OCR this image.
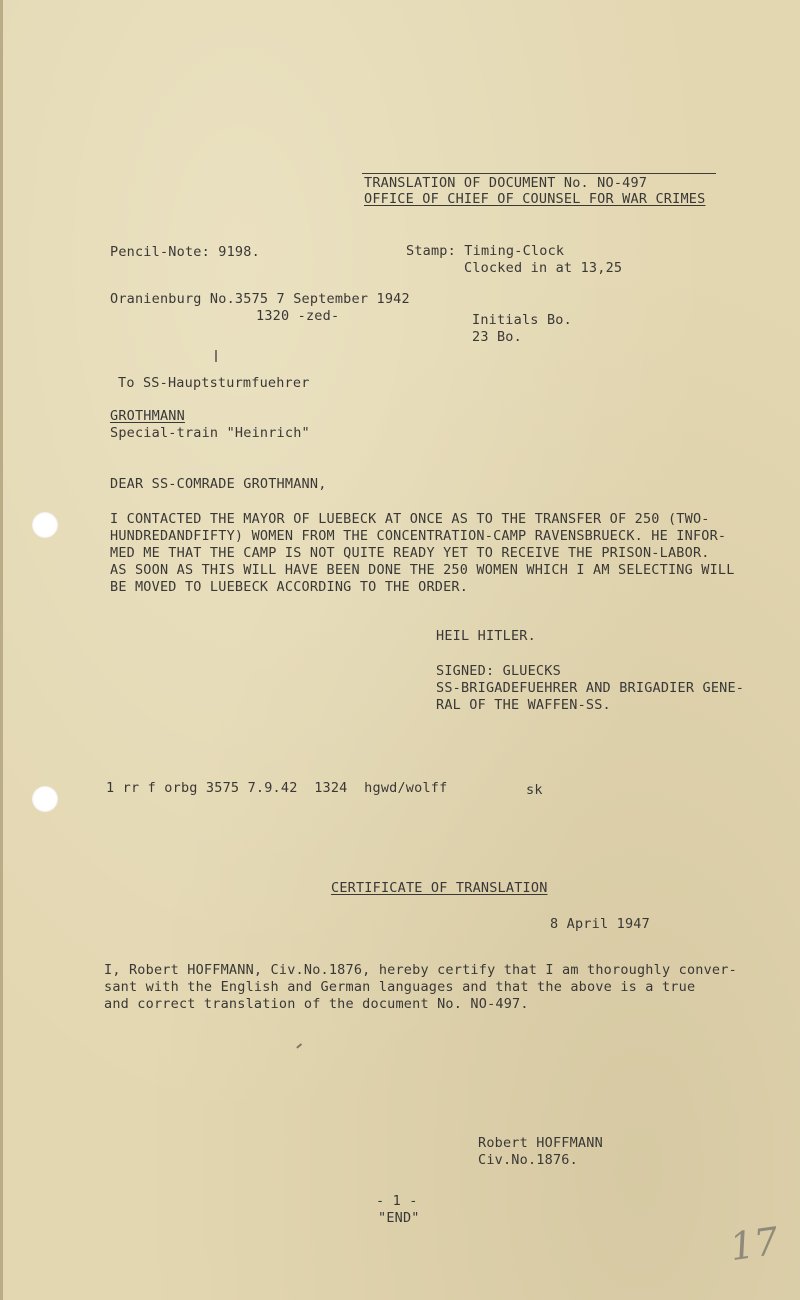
TRANSLATION OF DOCUMENT No. NO-497
OFFICE OF CHIEF OF COUNSEL FOR WAR CRIMES
Pencil-Note: 9198.	Stamp: Timing-Clock
Clocked in at 13,25
Oranienburg No.3575 7 September 1942
1320 -zed-	Initials Bo.
23 Bo.
To SS-Hauptsturmfuehrer
GROTHMANN
Special-train "Heinrich"
DEAR SS-COMRADE GROTHMANN,
I CONTACTED THE MAYOR OF LUEBECK AT ONCE AS TO THE TRANSFER OF 250 (TWO-
HUNDREDANDFIFTY) WOMEN FROM THE CONCENTRATION-CAMP RAVENSBRUECK. HE INFOR-
MED ME THAT THE CAMP IS NOT QUITE READY YET TO RECEIVE THE PRISON-LABOR.
AS SOON AS THIS WILL HAVE BEEN DONE THE 250 WOMEN WHICH I AM SELECTING WILL
BE MOVED TO LUEBECK ACCORDING TO THE ORDER.
HEIL HITLER.
SIGNED: GLUECKS
SS-BRIGADEFUEHRER AND BRIGADIER GENE-
RAL OF THE WAFFEN-SS.
1 rr f orbg 3575 7.9.42  1324  hgwd/wolff	sk
CERTIFICATE OF TRANSLATION
8 April 1947
I, Robert HOFFMANN, Civ.No.1876, hereby certify that I am thoroughly conver-
sant with the English and German languages and that the above is a true
and correct translation of the document No. NO-497.
Robert HOFFMANN
Civ.No.1876.
- 1 -
"END"
17
